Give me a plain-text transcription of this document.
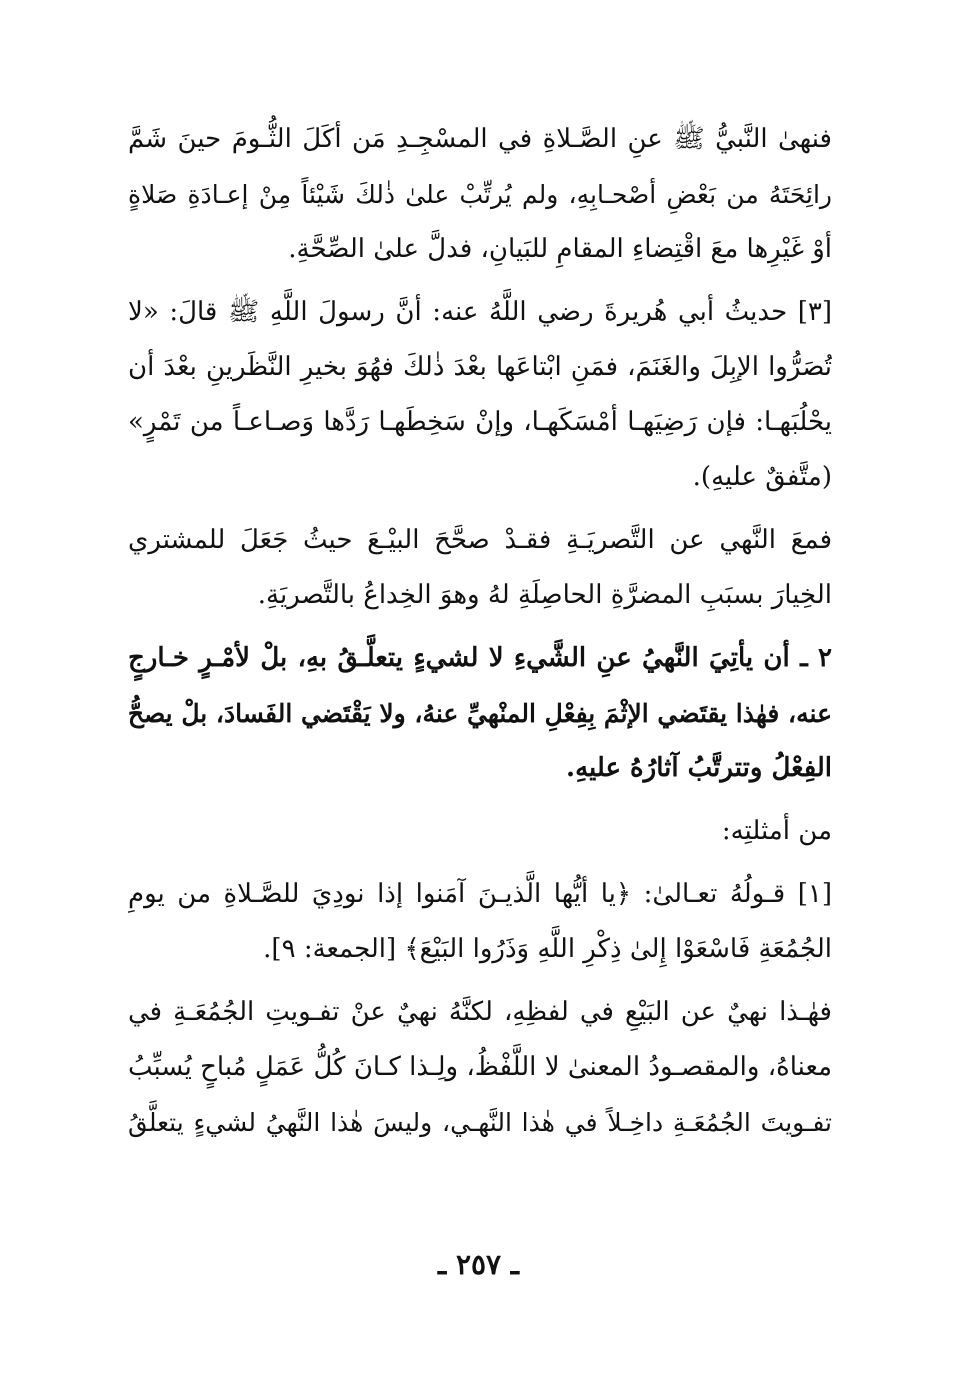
فنهىٰ النَّبيُّ ﷺ عنِ الصَّـلاةِ في المسْجِـدِ مَن أكَلَ الثُّـومَ حينَ شَمَّ
رائِحَتَهُ من بَعْضِ أصْحـابِهِ، ولم يُرتِّبْ علىٰ ذٰلكَ شَيْئاً مِنْ إعـادَةِ صَلاةٍ
أوْ غَيْرِها معَ اقْتِضاءِ المقامِ للبَيانِ، فدلَّ علىٰ الصِّحَّةِ.
[٣] حديثُ أبي هُريرةَ رضي اللَّهُ عنه: أنَّ رسولَ اللَّهِ ﷺ قالَ: «لا
تُصَرُّوا الإبِلَ والغَنَمَ، فمَنِ ابْتاعَها بعْدَ ذٰلكَ فهُوَ بخيرِ النَّظَرينِ بعْدَ أن
يحْلُبَهـا: فإن رَضِيَهـا أمْسَكَهـا، وإنْ سَخِطَهـا رَدَّها وَصـاعـاً من تَمْرٍ»
(متَّفقٌ عليهِ).
فمعَ النَّهي عن التَّصريَـةِ فقـدْ صحَّحَ البيْـعَ حيثُ جَعَلَ للمشتري
الخِيارَ بسبَبِ المضرَّةِ الحاصِلَةِ لهُ وهوَ الخِداعُ بالتَّصريَةِ.
٢ ـ أن يأتِيَ النَّهيُ عنِ الشَّيءِ لا لشيءٍ يتعلَّـقُ بهِ، بلْ لأمْـرٍ خـارجٍ
عنه، فهٰذا يقتَضي الإثْمَ بِفِعْلِ المنْهيِّ عنهُ، ولا يَقْتَضي الفَسادَ، بلْ يصحُّ
الفِعْلُ وتترتَّبُ آثارُهُ عليهِ.
من أمثلتِه:
[١] قـولُهُ تعـالىٰ: ﴿يا أيُّها الَّذيـنَ آمَنوا إذا نودِيَ للصَّـلاةِ من يومِ
الجُمُعَةِ فَاسْعَوْا إِلىٰ ذِكْرِ اللَّهِ وَذَرُوا البَيْعَ﴾ [الجمعة: ٩].
فهٰـذا نهيٌ عن البَيْعِ في لفظِهِ، لكنَّهُ نهيٌ عنْ تفـويتِ الجُمُعَـةِ في
معناهُ، والمقصـودُ المعنىٰ لا اللَّفْظُ، ولِـذا كـانَ كُلُّ عَمَلٍ مُباحٍ يُسبِّبُ
تفـويتَ الجُمُعَـةِ داخِـلاً في هٰذا النَّهـي، وليسَ هٰذا النَّهيُ لشيءٍ يتعلَّقُ
ـ ٢٥٧ ـ
